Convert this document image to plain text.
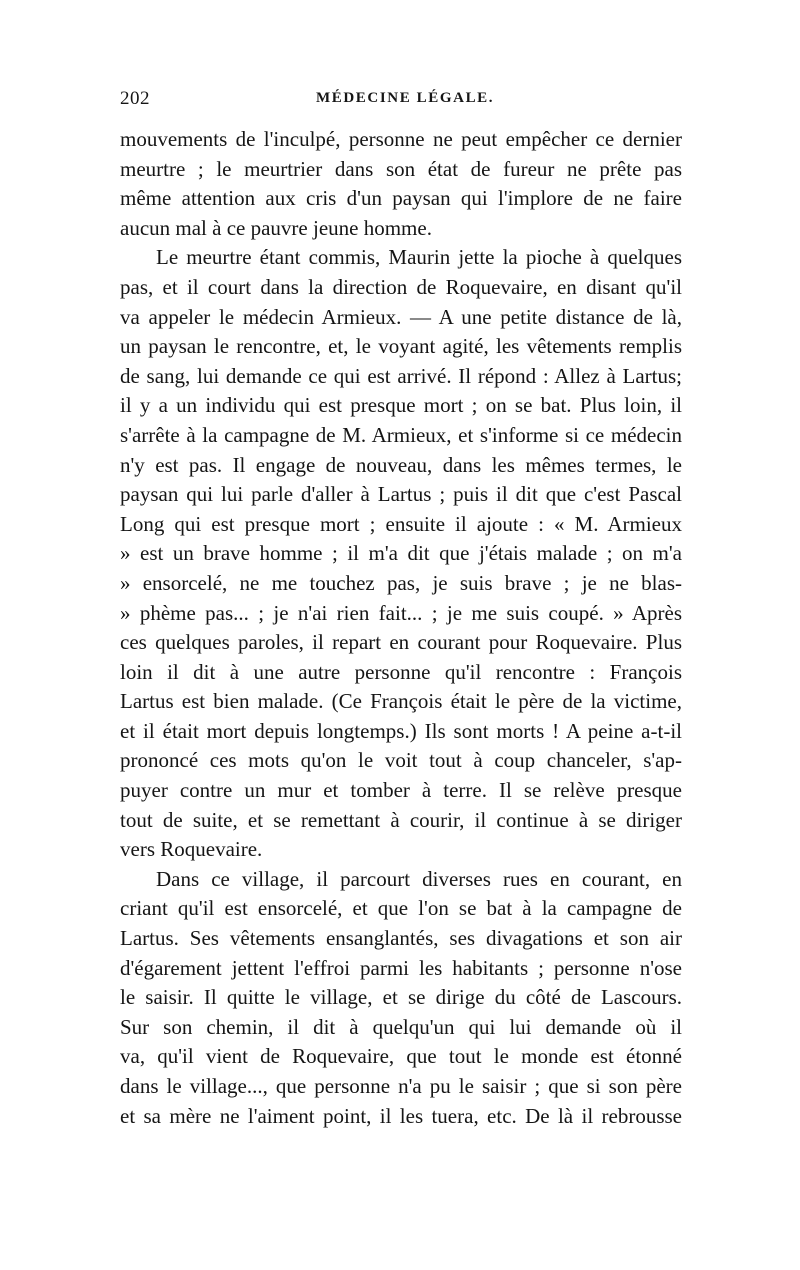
202	MÉDECINE LÉGALE.
mouvements de l'inculpé, personne ne peut empêcher ce dernier
meurtre ; le meurtrier dans son état de fureur ne prête pas
même attention aux cris d'un paysan qui l'implore de ne faire
aucun mal à ce pauvre jeune homme.
Le meurtre étant commis, Maurin jette la pioche à quelques
pas, et il court dans la direction de Roquevaire, en disant qu'il
va appeler le médecin Armieux. — A une petite distance de là,
un paysan le rencontre, et, le voyant agité, les vêtements remplis
de sang, lui demande ce qui est arrivé. Il répond : Allez à Lartus;
il y a un individu qui est presque mort ; on se bat. Plus loin, il
s'arrête à la campagne de M. Armieux, et s'informe si ce médecin
n'y est pas. Il engage de nouveau, dans les mêmes termes, le
paysan qui lui parle d'aller à Lartus ; puis il dit que c'est Pascal
Long qui est presque mort ; ensuite il ajoute : « M. Armieux
» est un brave homme ; il m'a dit que j'étais malade ; on m'a
» ensorcelé, ne me touchez pas, je suis brave ; je ne blas-
» phème pas... ; je n'ai rien fait... ; je me suis coupé. » Après
ces quelques paroles, il repart en courant pour Roquevaire. Plus
loin il dit à une autre personne qu'il rencontre : François
Lartus est bien malade. (Ce François était le père de la victime,
et il était mort depuis longtemps.) Ils sont morts ! A peine a-t-il
prononcé ces mots qu'on le voit tout à coup chanceler, s'ap-
puyer contre un mur et tomber à terre. Il se relève presque
tout de suite, et se remettant à courir, il continue à se diriger
vers Roquevaire.
Dans ce village, il parcourt diverses rues en courant, en
criant qu'il est ensorcelé, et que l'on se bat à la campagne de
Lartus. Ses vêtements ensanglantés, ses divagations et son air
d'égarement jettent l'effroi parmi les habitants ; personne n'ose
le saisir. Il quitte le village, et se dirige du côté de Lascours.
Sur son chemin, il dit à quelqu'un qui lui demande où il
va, qu'il vient de Roquevaire, que tout le monde est étonné
dans le village..., que personne n'a pu le saisir ; que si son père
et sa mère ne l'aiment point, il les tuera, etc. De là il rebrousse
